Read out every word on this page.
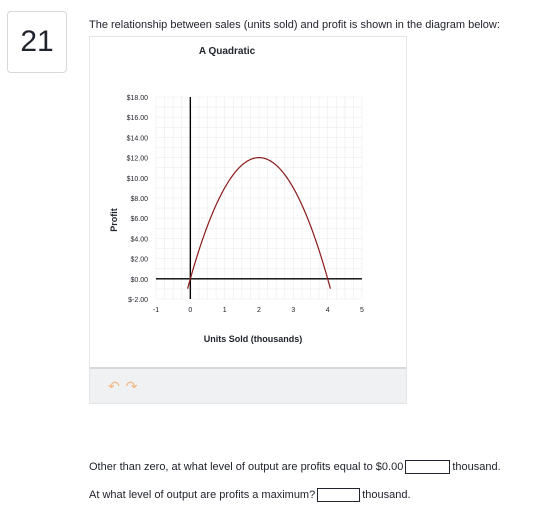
21	The relationship between sales (units sold) and profit is shown in the diagram below:
A Quadratic
$18.00
$16.00
$14.00
$12.00
$10.00
$8.00
$6.00
$4.00
$2.00
$0.00
$-2.00
-1	0	1	2	3	4	5
Profit
Units Sold (thousands)
↶ ↷
Other than zero, at what level of output are profits equal to $0.00	thousand.
At what level of output are profits a maximum?	thousand.
